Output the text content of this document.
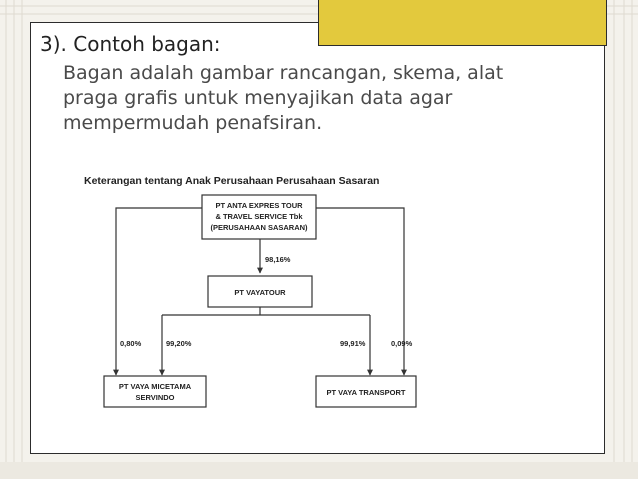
3). Contoh bagan:
Bagan adalah gambar rancangan, skema, alat
praga grafis untuk menyajikan data agar
mempermudah penafsiran.
Keterangan tentang Anak Perusahaan Perusahaan Sasaran
PT ANTA EXPRES TOUR
& TRAVEL SERVICE Tbk
(PERUSAHAAN SASARAN)
PT VAYATOUR
PT VAYA MICETAMA
SERVINDO
PT VAYA TRANSPORT
98,16%
0,80%	99,20%	99,91%	0,09%
